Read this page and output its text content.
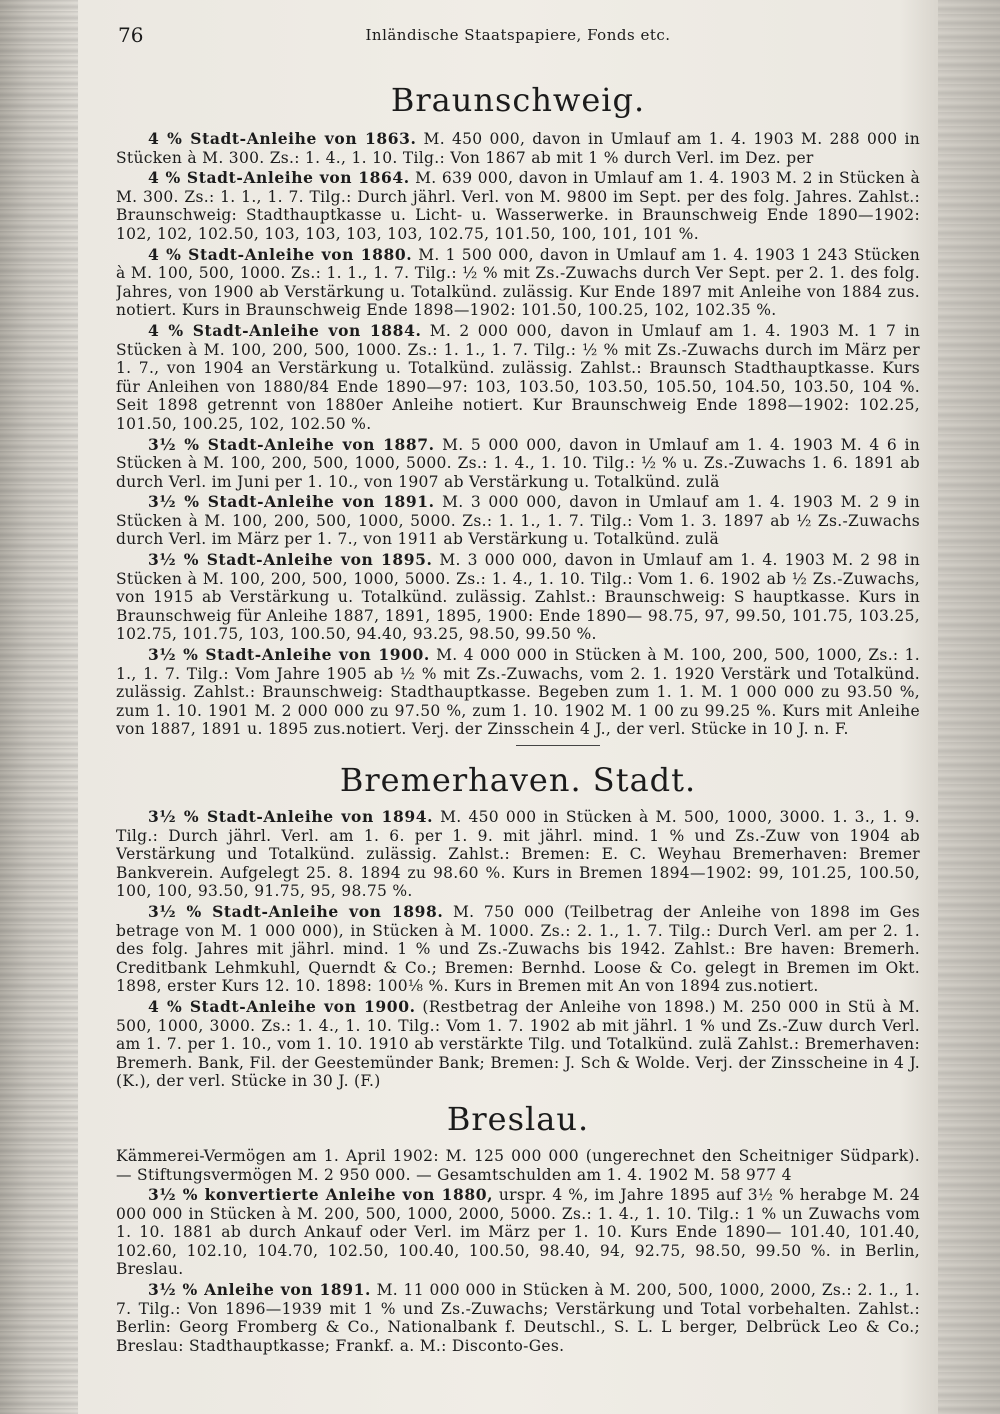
76	Inländische Staatspapiere, Fonds etc.
Braunschweig.

4 % Stadt-Anleihe von 1863. M. 450 000, davon in Umlauf am 1. 4. 1903 M. 288 000 in Stücken à M. 300. Zs.: 1. 4., 1. 10. Tilg.: Von 1867 ab mit 1 % durch Verl. im Dez. per

4 % Stadt-Anleihe von 1864. M. 639 000, davon in Umlauf am 1. 4. 1903 M. 2 in Stücken à M. 300. Zs.: 1. 1., 1. 7. Tilg.: Durch jährl. Verl. von M. 9800 im Sept. per des folg. Jahres. Zahlst.: Braunschweig: Stadthauptkasse u. Licht- u. Wasserwerke. in Braunschweig Ende 1890—1902: 102, 102, 102.50, 103, 103, 103, 103, 102.75, 101.50, 100, 101, 101 %.

4 % Stadt-Anleihe von 1880. M. 1 500 000, davon in Umlauf am 1. 4. 1903 1 243 Stücken à M. 100, 500, 1000. Zs.: 1. 1., 1. 7. Tilg.: ½ % mit Zs.-Zuwachs durch Ver Sept. per 2. 1. des folg. Jahres, von 1900 ab Verstärkung u. Totalkünd. zulässig. Kur Ende 1897 mit Anleihe von 1884 zus. notiert. Kurs in Braunschweig Ende 1898—1902: 101.50, 100.25, 102, 102.35 %.

4 % Stadt-Anleihe von 1884. M. 2 000 000, davon in Umlauf am 1. 4. 1903 M. 1 7 in Stücken à M. 100, 200, 500, 1000. Zs.: 1. 1., 1. 7. Tilg.: ½ % mit Zs.-Zuwachs durch im März per 1. 7., von 1904 an Verstärkung u. Totalkünd. zulässig. Zahlst.: Braunsch Stadthauptkasse. Kurs für Anleihen von 1880/84 Ende 1890—97: 103, 103.50, 103.50, 105.50, 104.50, 103.50, 104 %. Seit 1898 getrennt von 1880er Anleihe notiert. Kur Braunschweig Ende 1898—1902: 102.25, 101.50, 100.25, 102, 102.50 %.

3½ % Stadt-Anleihe von 1887. M. 5 000 000, davon in Umlauf am 1. 4. 1903 M. 4 6 in Stücken à M. 100, 200, 500, 1000, 5000. Zs.: 1. 4., 1. 10. Tilg.: ½ % u. Zs.-Zuwachs 1. 6. 1891 ab durch Verl. im Juni per 1. 10., von 1907 ab Verstärkung u. Totalkünd. zulä

3½ % Stadt-Anleihe von 1891. M. 3 000 000, davon in Umlauf am 1. 4. 1903 M. 2 9 in Stücken à M. 100, 200, 500, 1000, 5000. Zs.: 1. 1., 1. 7. Tilg.: Vom 1. 3. 1897 ab ½ Zs.-Zuwachs durch Verl. im März per 1. 7., von 1911 ab Verstärkung u. Totalkünd. zulä

3½ % Stadt-Anleihe von 1895. M. 3 000 000, davon in Umlauf am 1. 4. 1903 M. 2 98 in Stücken à M. 100, 200, 500, 1000, 5000. Zs.: 1. 4., 1. 10. Tilg.: Vom 1. 6. 1902 ab ½ Zs.-Zuwachs, von 1915 ab Verstärkung u. Totalkünd. zulässig. Zahlst.: Braunschweig: S hauptkasse. Kurs in Braunschweig für Anleihe 1887, 1891, 1895, 1900: Ende 1890— 98.75, 97, 99.50, 101.75, 103.25, 102.75, 101.75, 103, 100.50, 94.40, 93.25, 98.50, 99.50 %.

3½ % Stadt-Anleihe von 1900. M. 4 000 000 in Stücken à M. 100, 200, 500, 1000, Zs.: 1. 1., 1. 7. Tilg.: Vom Jahre 1905 ab ½ % mit Zs.-Zuwachs, vom 2. 1. 1920 Verstärk und Totalkünd. zulässig. Zahlst.: Braunschweig: Stadthauptkasse. Begeben zum 1. 1. M. 1 000 000 zu 93.50 %, zum 1. 10. 1901 M. 2 000 000 zu 97.50 %, zum 1. 10. 1902 M. 1 00 zu 99.25 %. Kurs mit Anleihe von 1887, 1891 u. 1895 zus.notiert. Verj. der Zinsschein 4 J., der verl. Stücke in 10 J. n. F.

Bremerhaven. Stadt.

3½ % Stadt-Anleihe von 1894. M. 450 000 in Stücken à M. 500, 1000, 3000. 1. 3., 1. 9. Tilg.: Durch jährl. Verl. am 1. 6. per 1. 9. mit jährl. mind. 1 % und Zs.-Zuw von 1904 ab Verstärkung und Totalkünd. zulässig. Zahlst.: Bremen: E. C. Weyhau Bremerhaven: Bremer Bankverein. Aufgelegt 25. 8. 1894 zu 98.60 %. Kurs in Bremen 1894—1902: 99, 101.25, 100.50, 100, 100, 93.50, 91.75, 95, 98.75 %.

3½ % Stadt-Anleihe von 1898. M. 750 000 (Teilbetrag der Anleihe von 1898 im Ges betrage von M. 1 000 000), in Stücken à M. 1000. Zs.: 2. 1., 1. 7. Tilg.: Durch Verl. am per 2. 1. des folg. Jahres mit jährl. mind. 1 % und Zs.-Zuwachs bis 1942. Zahlst.: Bre haven: Bremerh. Creditbank Lehmkuhl, Querndt & Co.; Bremen: Bernhd. Loose & Co. gelegt in Bremen im Okt. 1898, erster Kurs 12. 10. 1898: 100⅛ %. Kurs in Bremen mit An von 1894 zus.notiert.

4 % Stadt-Anleihe von 1900. (Restbetrag der Anleihe von 1898.) M. 250 000 in Stü à M. 500, 1000, 3000. Zs.: 1. 4., 1. 10. Tilg.: Vom 1. 7. 1902 ab mit jährl. 1 % und Zs.-Zuw durch Verl. am 1. 7. per 1. 10., vom 1. 10. 1910 ab verstärkte Tilg. und Totalkünd. zulä Zahlst.: Bremerhaven: Bremerh. Bank, Fil. der Geestemünder Bank; Bremen: J. Sch & Wolde. Verj. der Zinsscheine in 4 J. (K.), der verl. Stücke in 30 J. (F.)

Breslau.

Kämmerei-Vermögen am 1. April 1902: M. 125 000 000 (ungerechnet den Scheitniger Südpark). — Stiftungsvermögen M. 2 950 000. — Gesamtschulden am 1. 4. 1902 M. 58 977 4

3½ % konvertierte Anleihe von 1880, urspr. 4 %, im Jahre 1895 auf 3½ % herabge M. 24 000 000 in Stücken à M. 200, 500, 1000, 2000, 5000. Zs.: 1. 4., 1. 10. Tilg.: 1 % un Zuwachs vom 1. 10. 1881 ab durch Ankauf oder Verl. im März per 1. 10. Kurs Ende 1890— 101.40, 101.40, 102.60, 102.10, 104.70, 102.50, 100.40, 100.50, 98.40, 94, 92.75, 98.50, 99.50 %. in Berlin, Breslau.

3½ % Anleihe von 1891. M. 11 000 000 in Stücken à M. 200, 500, 1000, 2000, Zs.: 2. 1., 1. 7. Tilg.: Von 1896—1939 mit 1 % und Zs.-Zuwachs; Verstärkung und Total vorbehalten. Zahlst.: Berlin: Georg Fromberg & Co., Nationalbank f. Deutschl., S. L. L berger, Delbrück Leo & Co.; Breslau: Stadthauptkasse; Frankf. a. M.: Disconto-Ges.
